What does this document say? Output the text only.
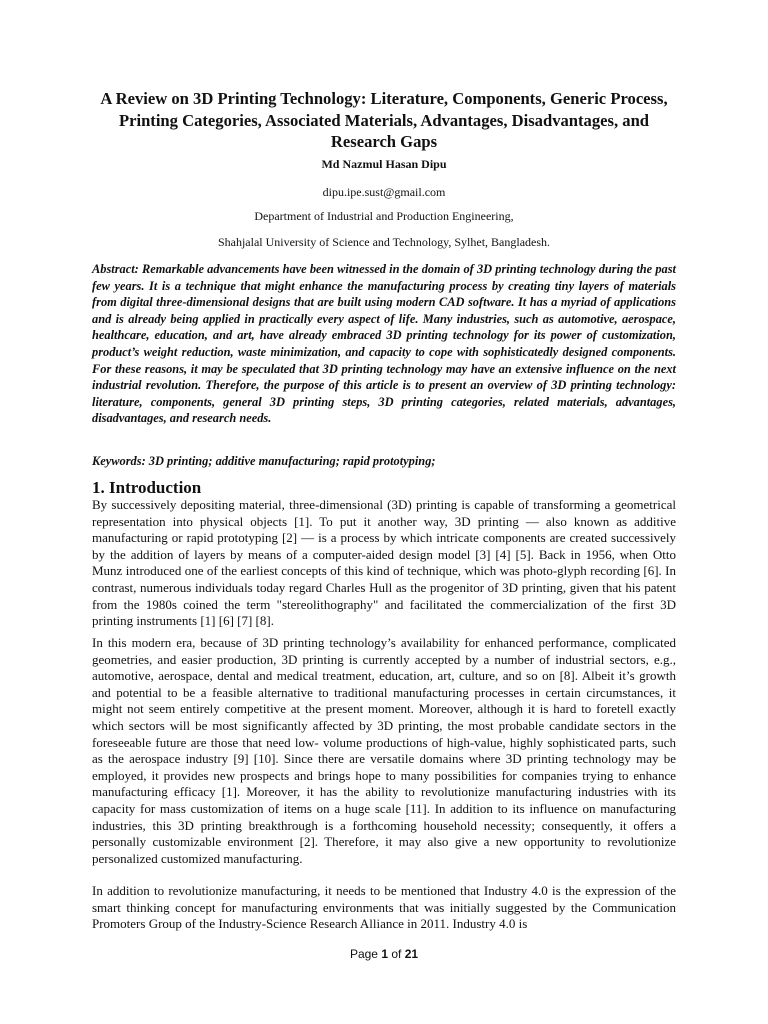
A Review on 3D Printing Technology: Literature, Components, Generic Process, Printing Categories, Associated Materials, Advantages, Disadvantages, and Research Gaps

Md Nazmul Hasan Dipu

dipu.ipe.sust@gmail.com

Department of Industrial and Production Engineering,

Shahjalal University of Science and Technology, Sylhet, Bangladesh.

Abstract: Remarkable advancements have been witnessed in the domain of 3D printing technology during the past few years. It is a technique that might enhance the manufacturing process by creating tiny layers of materials from digital three-dimensional designs that are built using modern CAD software. It has a myriad of applications and is already being applied in practically every aspect of life. Many industries, such as automotive, aerospace, healthcare, education, and art, have already embraced 3D printing technology for its power of customization, product’s weight reduction, waste minimization, and capacity to cope with sophisticatedly designed components. For these reasons, it may be speculated that 3D printing technology may have an extensive influence on the next industrial revolution. Therefore, the purpose of this article is to present an overview of 3D printing technology: literature, components, general 3D printing steps, 3D printing categories, related materials, advantages, disadvantages, and research needs.

Keywords: 3D printing; additive manufacturing; rapid prototyping;

1. Introduction

By successively depositing material, three-dimensional (3D) printing is capable of transforming a geometrical representation into physical objects [1]. To put it another way, 3D printing — also known as additive manufacturing or rapid prototyping [2] — is a process by which intricate components are created successively by the addition of layers by means of a computer-aided design model [3] [4] [5]. Back in 1956, when Otto Munz introduced one of the earliest concepts of this kind of technique, which was photo-glyph recording [6]. In contrast, numerous individuals today regard Charles Hull as the progenitor of 3D printing, given that his patent from the 1980s coined the term "stereolithography" and facilitated the commercialization of the first 3D printing instruments [1] [6] [7] [8].

In this modern era, because of 3D printing technology’s availability for enhanced performance, complicated geometries, and easier production, 3D printing is currently accepted by a number of industrial sectors, e.g., automotive, aerospace, dental and medical treatment, education, art, culture, and so on [8]. Albeit it’s growth and potential to be a feasible alternative to traditional manufacturing processes in certain circumstances, it might not seem entirely competitive at the present moment. Moreover, although it is hard to foretell exactly which sectors will be most significantly affected by 3D printing, the most probable candidate sectors in the foreseeable future are those that need low- volume productions of high-value, highly sophisticated parts, such as the aerospace industry [9] [10]. Since there are versatile domains where 3D printing technology may be employed, it provides new prospects and brings hope to many possibilities for companies trying to enhance manufacturing efficacy [1]. Moreover, it has the ability to revolutionize manufacturing industries with its capacity for mass customization of items on a huge scale [11]. In addition to its influence on manufacturing industries, this 3D printing breakthrough is a forthcoming household necessity; consequently, it offers a personally customizable environment [2]. Therefore, it may also give a new opportunity to revolutionize personalized customized manufacturing.

In addition to revolutionize manufacturing, it needs to be mentioned that Industry 4.0 is the expression of the smart thinking concept for manufacturing environments that was initially suggested by the Communication Promoters Group of the Industry-Science Research Alliance in 2011. Industry 4.0 is

Page 1 of 21
